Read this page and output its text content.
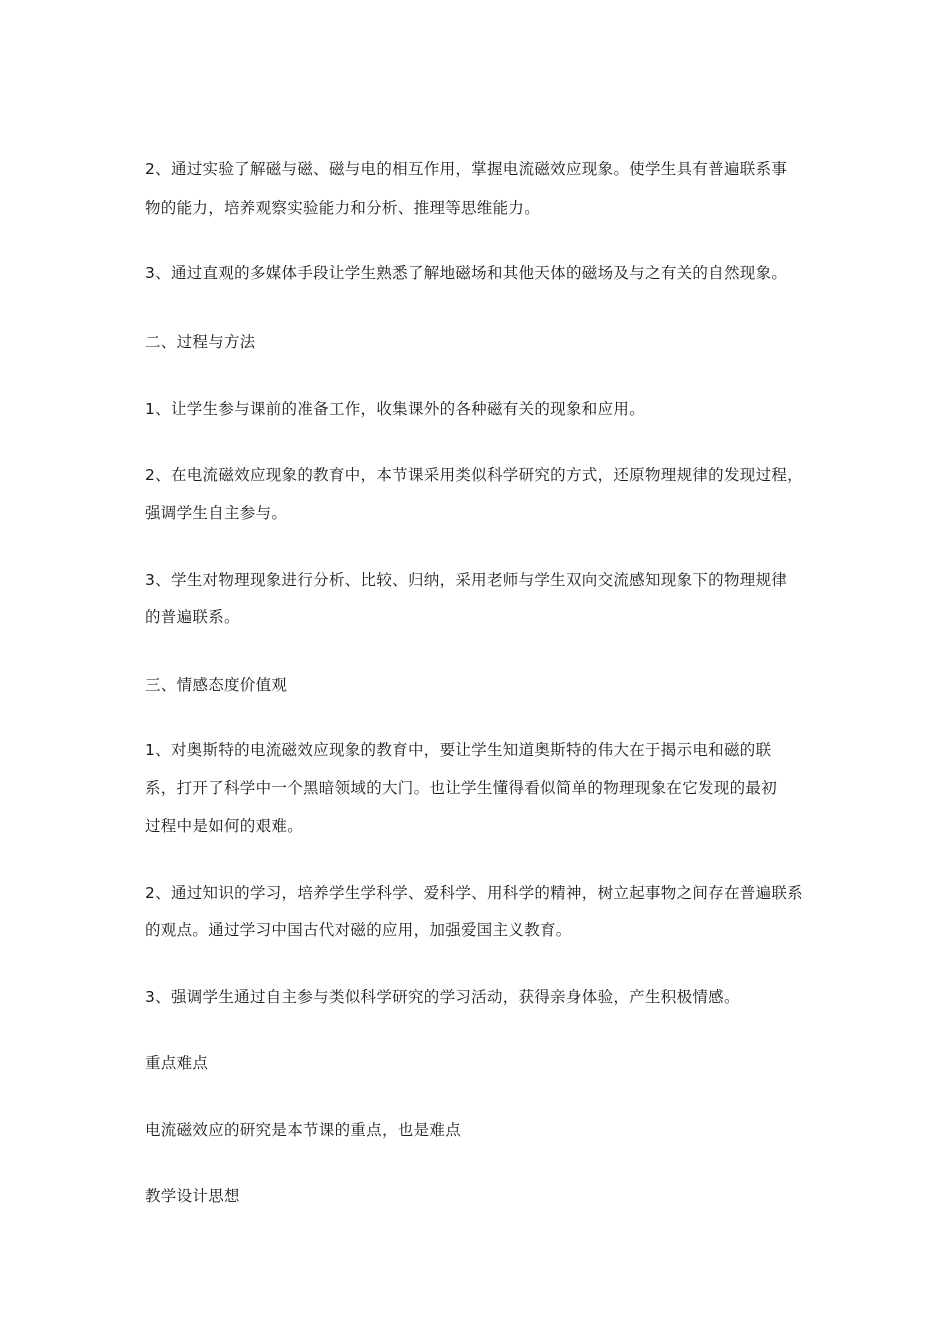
2、通过实验了解磁与磁、磁与电的相互作用，掌握电流磁效应现象。使学生具有普遍联系事
物的能力，培养观察实验能力和分析、推理等思维能力。
3、通过直观的多媒体手段让学生熟悉了解地磁场和其他天体的磁场及与之有关的自然现象。
二、过程与方法
1、让学生参与课前的准备工作，收集课外的各种磁有关的现象和应用。
2、在电流磁效应现象的教育中，本节课采用类似科学研究的方式，还原物理规律的发现过程，
强调学生自主参与。
3、学生对物理现象进行分析、比较、归纳，采用老师与学生双向交流感知现象下的物理规律
的普遍联系。
三、情感态度价值观
1、对奥斯特的电流磁效应现象的教育中，要让学生知道奥斯特的伟大在于揭示电和磁的联
系，打开了科学中一个黑暗领域的大门。也让学生懂得看似简单的物理现象在它发现的最初
过程中是如何的艰难。
2、通过知识的学习，培养学生学科学、爱科学、用科学的精神，树立起事物之间存在普遍联系
的观点。通过学习中国古代对磁的应用，加强爱国主义教育。
3、强调学生通过自主参与类似科学研究的学习活动，获得亲身体验，产生积极情感。
重点难点
电流磁效应的研究是本节课的重点，也是难点
教学设计思想
